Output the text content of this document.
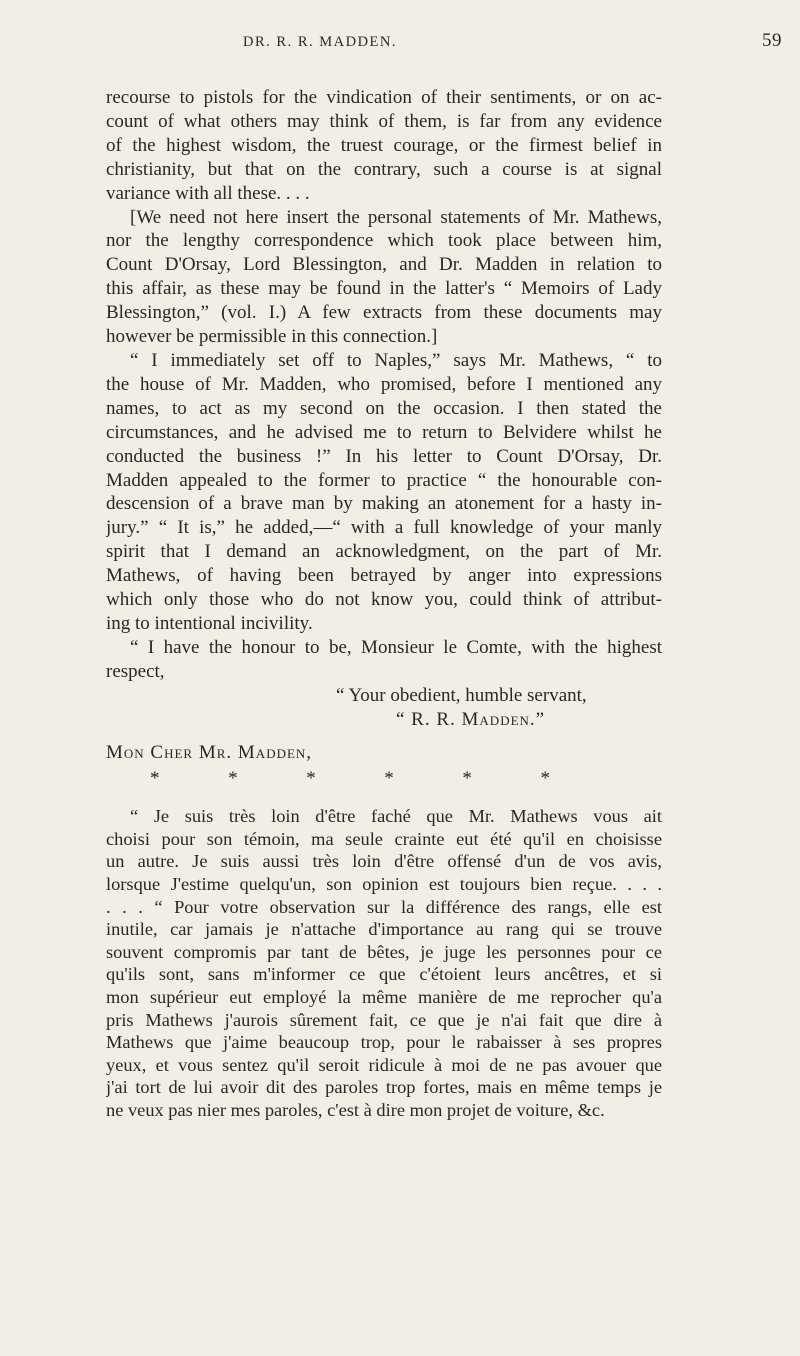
DR. R. R. MADDEN.	59

recourse to pistols for the vindication of their sentiments, or on ac-
count of what others may think of them, is far from any evidence
of the highest wisdom, the truest courage, or the firmest belief in
christianity, but that on the contrary, such a course is at signal
variance with all these. . . .

[We need not here insert the personal statements of Mr. Mathews,
nor the lengthy correspondence which took place between him,
Count D'Orsay, Lord Blessington, and Dr. Madden in relation to
this affair, as these may be found in the latter's “ Memoirs of Lady
Blessington,” (vol. I.) A few extracts from these documents may
however be permissible in this connection.]

“ I immediately set off to Naples,” says Mr. Mathews, “ to
the house of Mr. Madden, who promised, before I mentioned any
names, to act as my second on the occasion. I then stated the
circumstances, and he advised me to return to Belvidere whilst he
conducted the business !” In his letter to Count D'Orsay, Dr.
Madden appealed to the former to practice “ the honourable con-
descension of a brave man by making an atonement for a hasty in-
jury.” “ It is,” he added,—“ with a full knowledge of your manly
spirit that I demand an acknowledgment, on the part of Mr.
Mathews, of having been betrayed by anger into expressions
which only those who do not know you, could think of attribut-
ing to intentional incivility.

“ I have the honour to be, Monsieur le Comte, with the highest
respect,

“ Your obedient, humble servant,
“ R. R. Madden.”
Mon Cher Mr. Madden,
*	*	*	*	*	*

“ Je suis très loin d'être faché que Mr. Mathews vous ait
choisi pour son témoin, ma seule crainte eut été qu'il en choisisse
un autre. Je suis aussi très loin d'être offensé d'un de vos avis,
lorsque J'estime quelqu'un, son opinion est toujours bien reçue. . . .
. . . “ Pour votre observation sur la différence des rangs, elle est
inutile, car jamais je n'attache d'importance au rang qui se trouve
souvent compromis par tant de bêtes, je juge les personnes pour ce
qu'ils sont, sans m'informer ce que c'étoient leurs ancêtres, et si
mon supérieur eut employé la même manière de me reprocher qu'a
pris Mathews j'aurois sûrement fait, ce que je n'ai fait que dire à
Mathews que j'aime beaucoup trop, pour le rabaisser à ses propres
yeux, et vous sentez qu'il seroit ridicule à moi de ne pas avouer que
j'ai tort de lui avoir dit des paroles trop fortes, mais en même temps je
ne veux pas nier mes paroles, c'est à dire mon projet de voiture, &c.
